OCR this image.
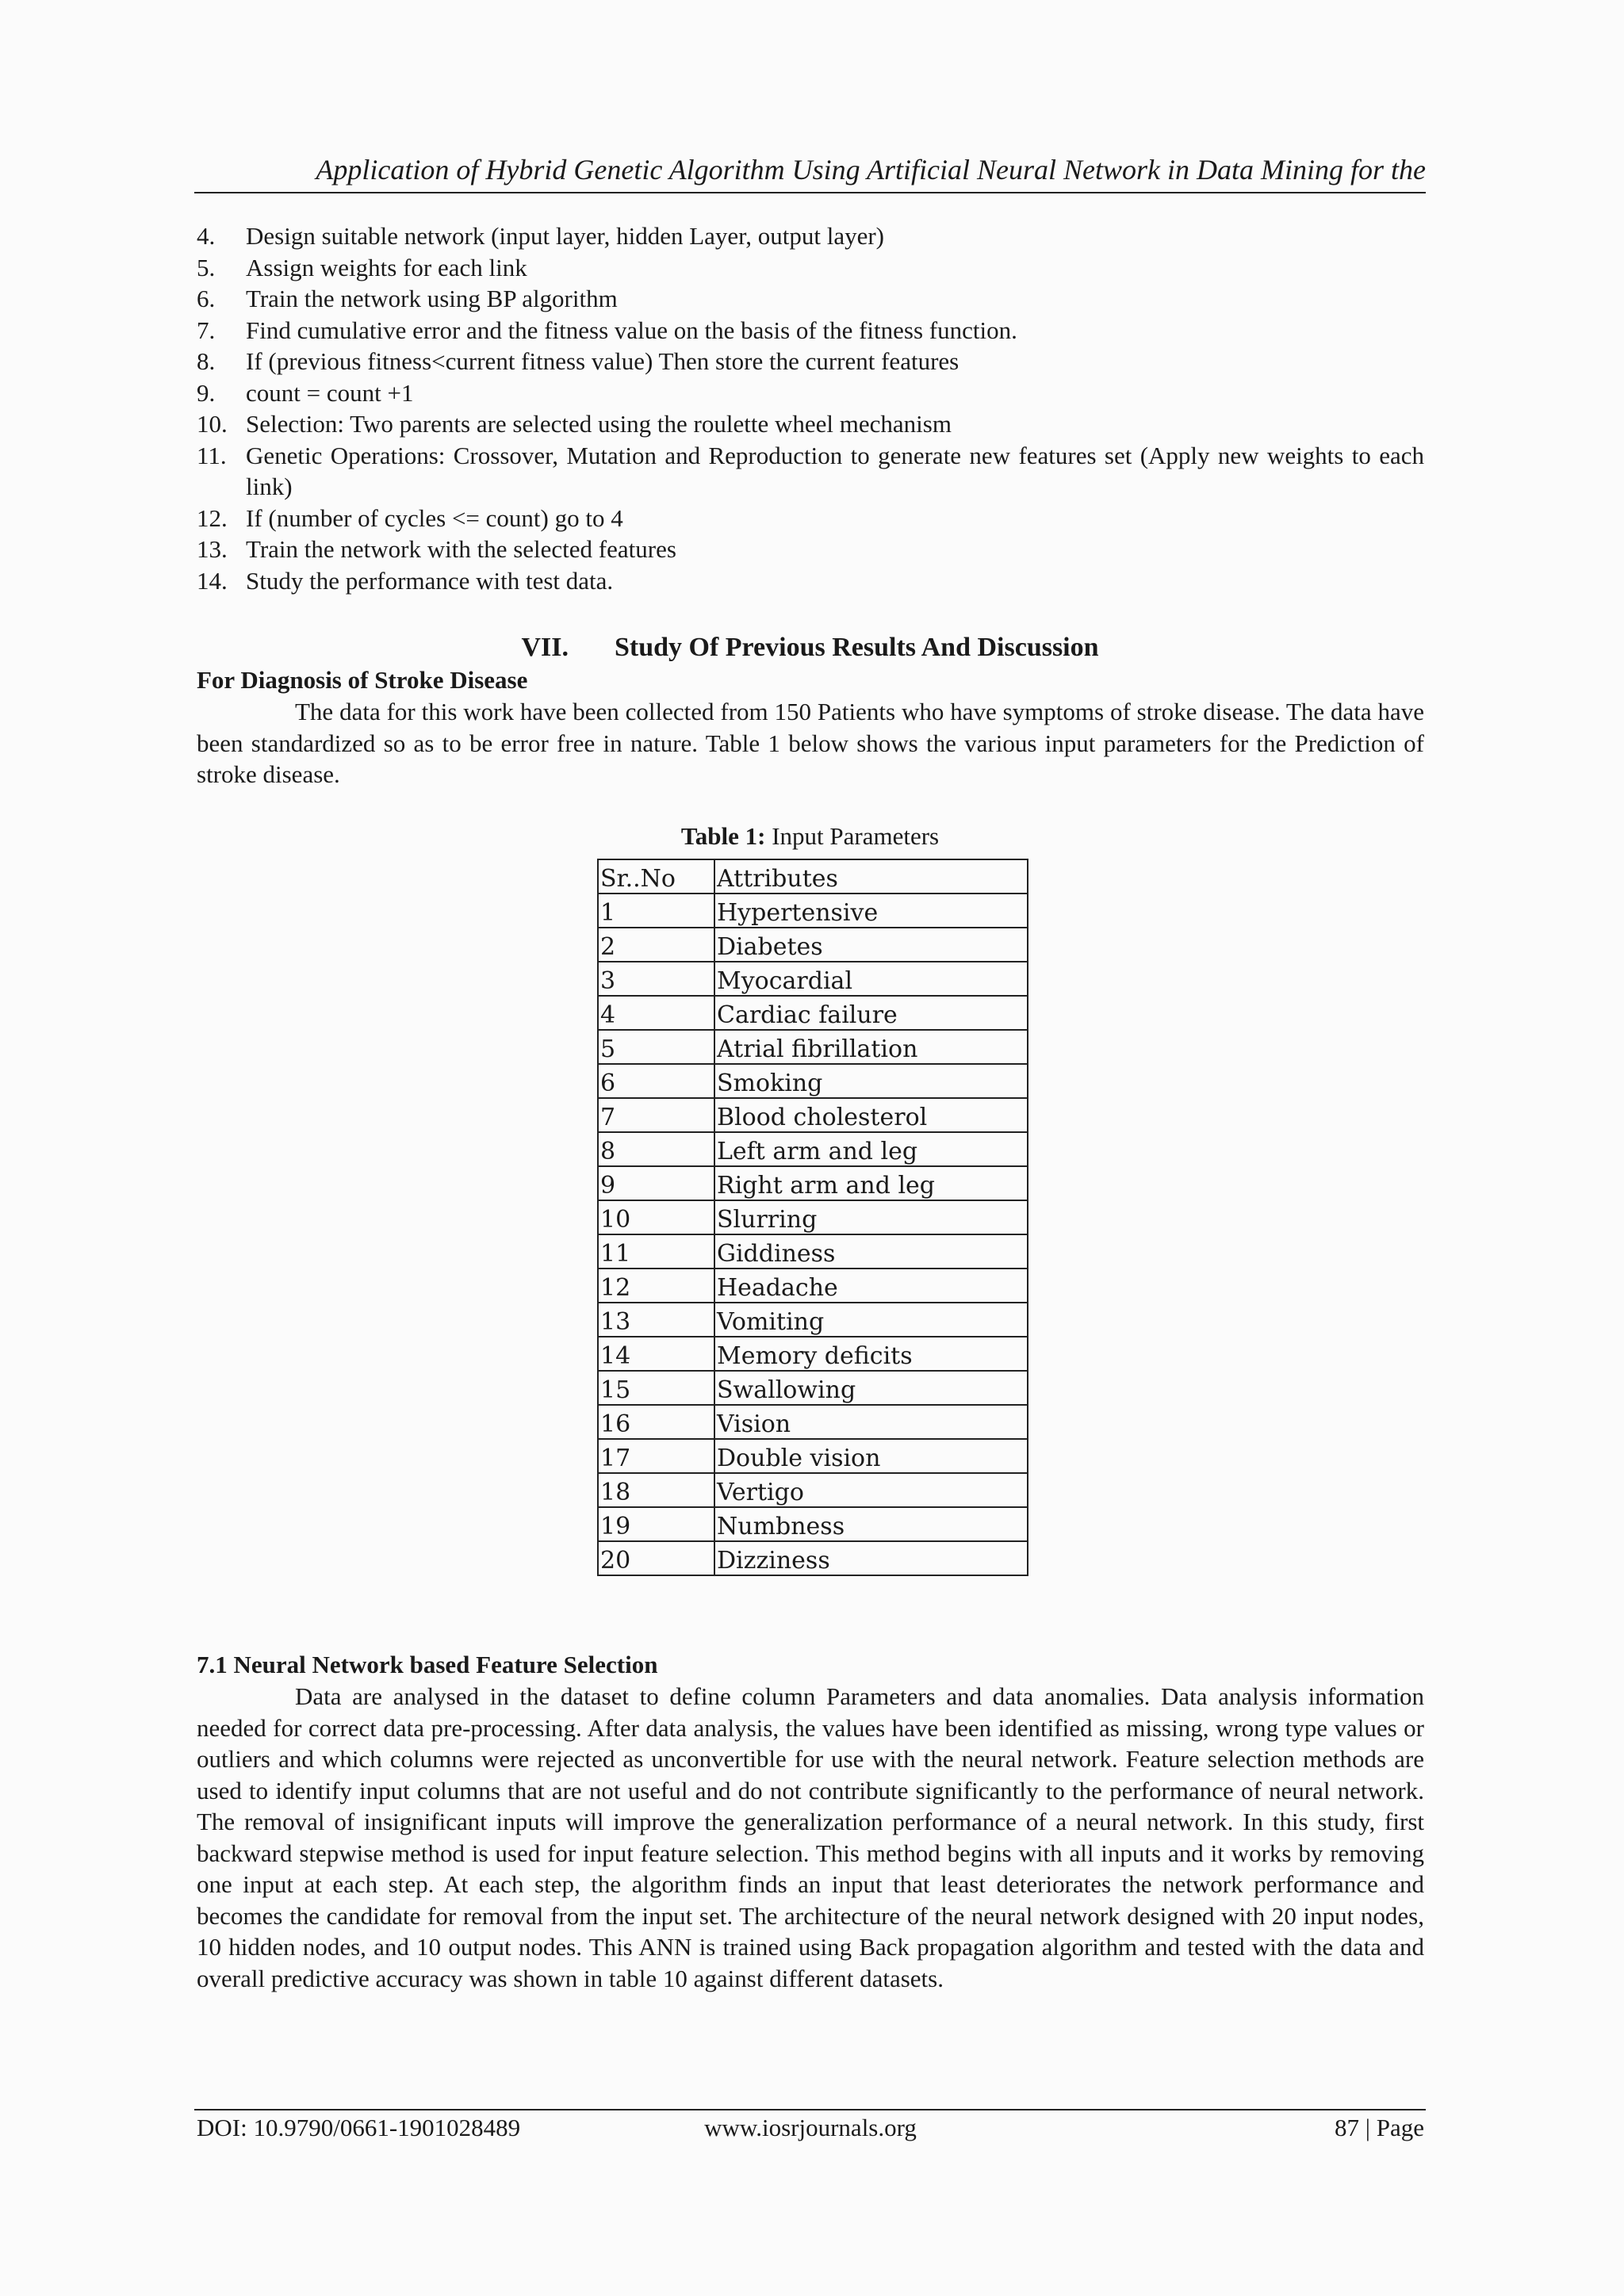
Application of Hybrid Genetic Algorithm Using Artificial Neural Network in Data Mining for the
4. Design suitable network (input layer, hidden Layer, output layer)
5. Assign weights for each link
6. Train the network using BP algorithm
7. Find cumulative error and the fitness value on the basis of the fitness function.
8. If (previous fitness<current fitness value) Then store the current features
9. count = count +1
10. Selection: Two parents are selected using the roulette wheel mechanism
11. Genetic Operations: Crossover, Mutation and Reproduction to generate new features set (Apply new weights to each link)
12. If (number of cycles <= count) go to 4
13. Train the network with the selected features
14. Study the performance with test data.
VII. Study Of Previous Results And Discussion
For Diagnosis of Stroke Disease

The data for this work have been collected from 150 Patients who have symptoms of stroke disease. The data have been standardized so as to be error free in nature. Table 1 below shows the various input parameters for the Prediction of stroke disease.

Table 1: Input Parameters
Sr..No	Attributes
1	Hypertensive
2	Diabetes
3	Myocardial
4	Cardiac failure
5	Atrial fibrillation
6	Smoking
7	Blood cholesterol
8	Left arm and leg
9	Right arm and leg
10	Slurring
11	Giddiness
12	Headache
13	Vomiting
14	Memory deficits
15	Swallowing
16	Vision
17	Double vision
18	Vertigo
19	Numbness
20	Dizziness
7.1 Neural Network based Feature Selection

Data are analysed in the dataset to define column Parameters and data anomalies. Data analysis information needed for correct data pre-processing. After data analysis, the values have been identified as missing, wrong type values or outliers and which columns were rejected as unconvertible for use with the neural network. Feature selection methods are used to identify input columns that are not useful and do not contribute significantly to the performance of neural network. The removal of insignificant inputs will improve the generalization performance of a neural network. In this study, first backward stepwise method is used for input feature selection. This method begins with all inputs and it works by removing one input at each step. At each step, the algorithm finds an input that least deteriorates the network performance and becomes the candidate for removal from the input set. The architecture of the neural network designed with 20 input nodes, 10 hidden nodes, and 10 output nodes. This ANN is trained using Back propagation algorithm and tested with the data and overall predictive accuracy was shown in table 10 against different datasets.

DOI: 10.9790/0661-1901028489	www.iosrjournals.org	87 | Page
